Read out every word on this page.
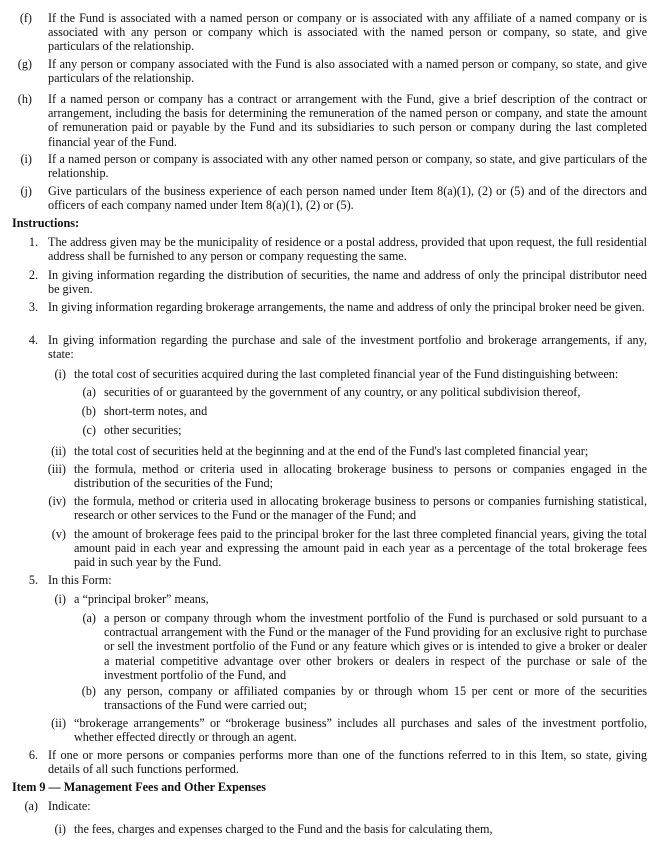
(f) If the Fund is associated with a named person or company or is associated with any affiliate of a named company or is associated with any person or company which is associated with the named person or company, so state, and give particulars of the relationship.
(g) If any person or company associated with the Fund is also associated with a named person or company, so state, and give particulars of the relationship.
(h) If a named person or company has a contract or arrangement with the Fund, give a brief description of the contract or arrangement, including the basis for determining the remuneration of the named person or company, and state the amount of remuneration paid or payable by the Fund and its subsidiaries to such person or company during the last completed financial year of the Fund.
(i) If a named person or company is associated with any other named person or company, so state, and give particulars of the relationship.
(j) Give particulars of the business experience of each person named under Item 8(a)(1), (2) or (5) and of the directors and officers of each company named under Item 8(a)(1), (2) or (5).
Instructions:
1. The address given may be the municipality of residence or a postal address, provided that upon request, the full residential address shall be furnished to any person or company requesting the same.
2. In giving information regarding the distribution of securities, the name and address of only the principal distributor need be given.
3. In giving information regarding brokerage arrangements, the name and address of only the principal broker need be given.
4. In giving information regarding the purchase and sale of the investment portfolio and brokerage arrangements, if any, state:
(i) the total cost of securities acquired during the last completed financial year of the Fund distinguishing between:
(a) securities of or guaranteed by the government of any country, or any political subdivision thereof,
(b) short-term notes, and
(c) other securities;
(ii) the total cost of securities held at the beginning and at the end of the Fund's last completed financial year;
(iii) the formula, method or criteria used in allocating brokerage business to persons or companies engaged in the distribution of the securities of the Fund;
(iv) the formula, method or criteria used in allocating brokerage business to persons or companies furnishing statistical, research or other services to the Fund or the manager of the Fund; and
(v) the amount of brokerage fees paid to the principal broker for the last three completed financial years, giving the total amount paid in each year and expressing the amount paid in each year as a percentage of the total brokerage fees paid in such year by the Fund.
5. In this Form:
(i) a “principal broker” means,
(a) a person or company through whom the investment portfolio of the Fund is purchased or sold pursuant to a contractual arrangement with the Fund or the manager of the Fund providing for an exclusive right to purchase or sell the investment portfolio of the Fund or any feature which gives or is intended to give a broker or dealer a material competitive advantage over other brokers or dealers in respect of the purchase or sale of the investment portfolio of the Fund, and
(b) any person, company or affiliated companies by or through whom 15 per cent or more of the securities transactions of the Fund were carried out;
(ii) “brokerage arrangements” or “brokerage business” includes all purchases and sales of the investment portfolio, whether effected directly or through an agent.
6. If one or more persons or companies performs more than one of the functions referred to in this Item, so state, giving details of all such functions performed.
Item 9 — Management Fees and Other Expenses
(a) Indicate:
(i) the fees, charges and expenses charged to the Fund and the basis for calculating them,
